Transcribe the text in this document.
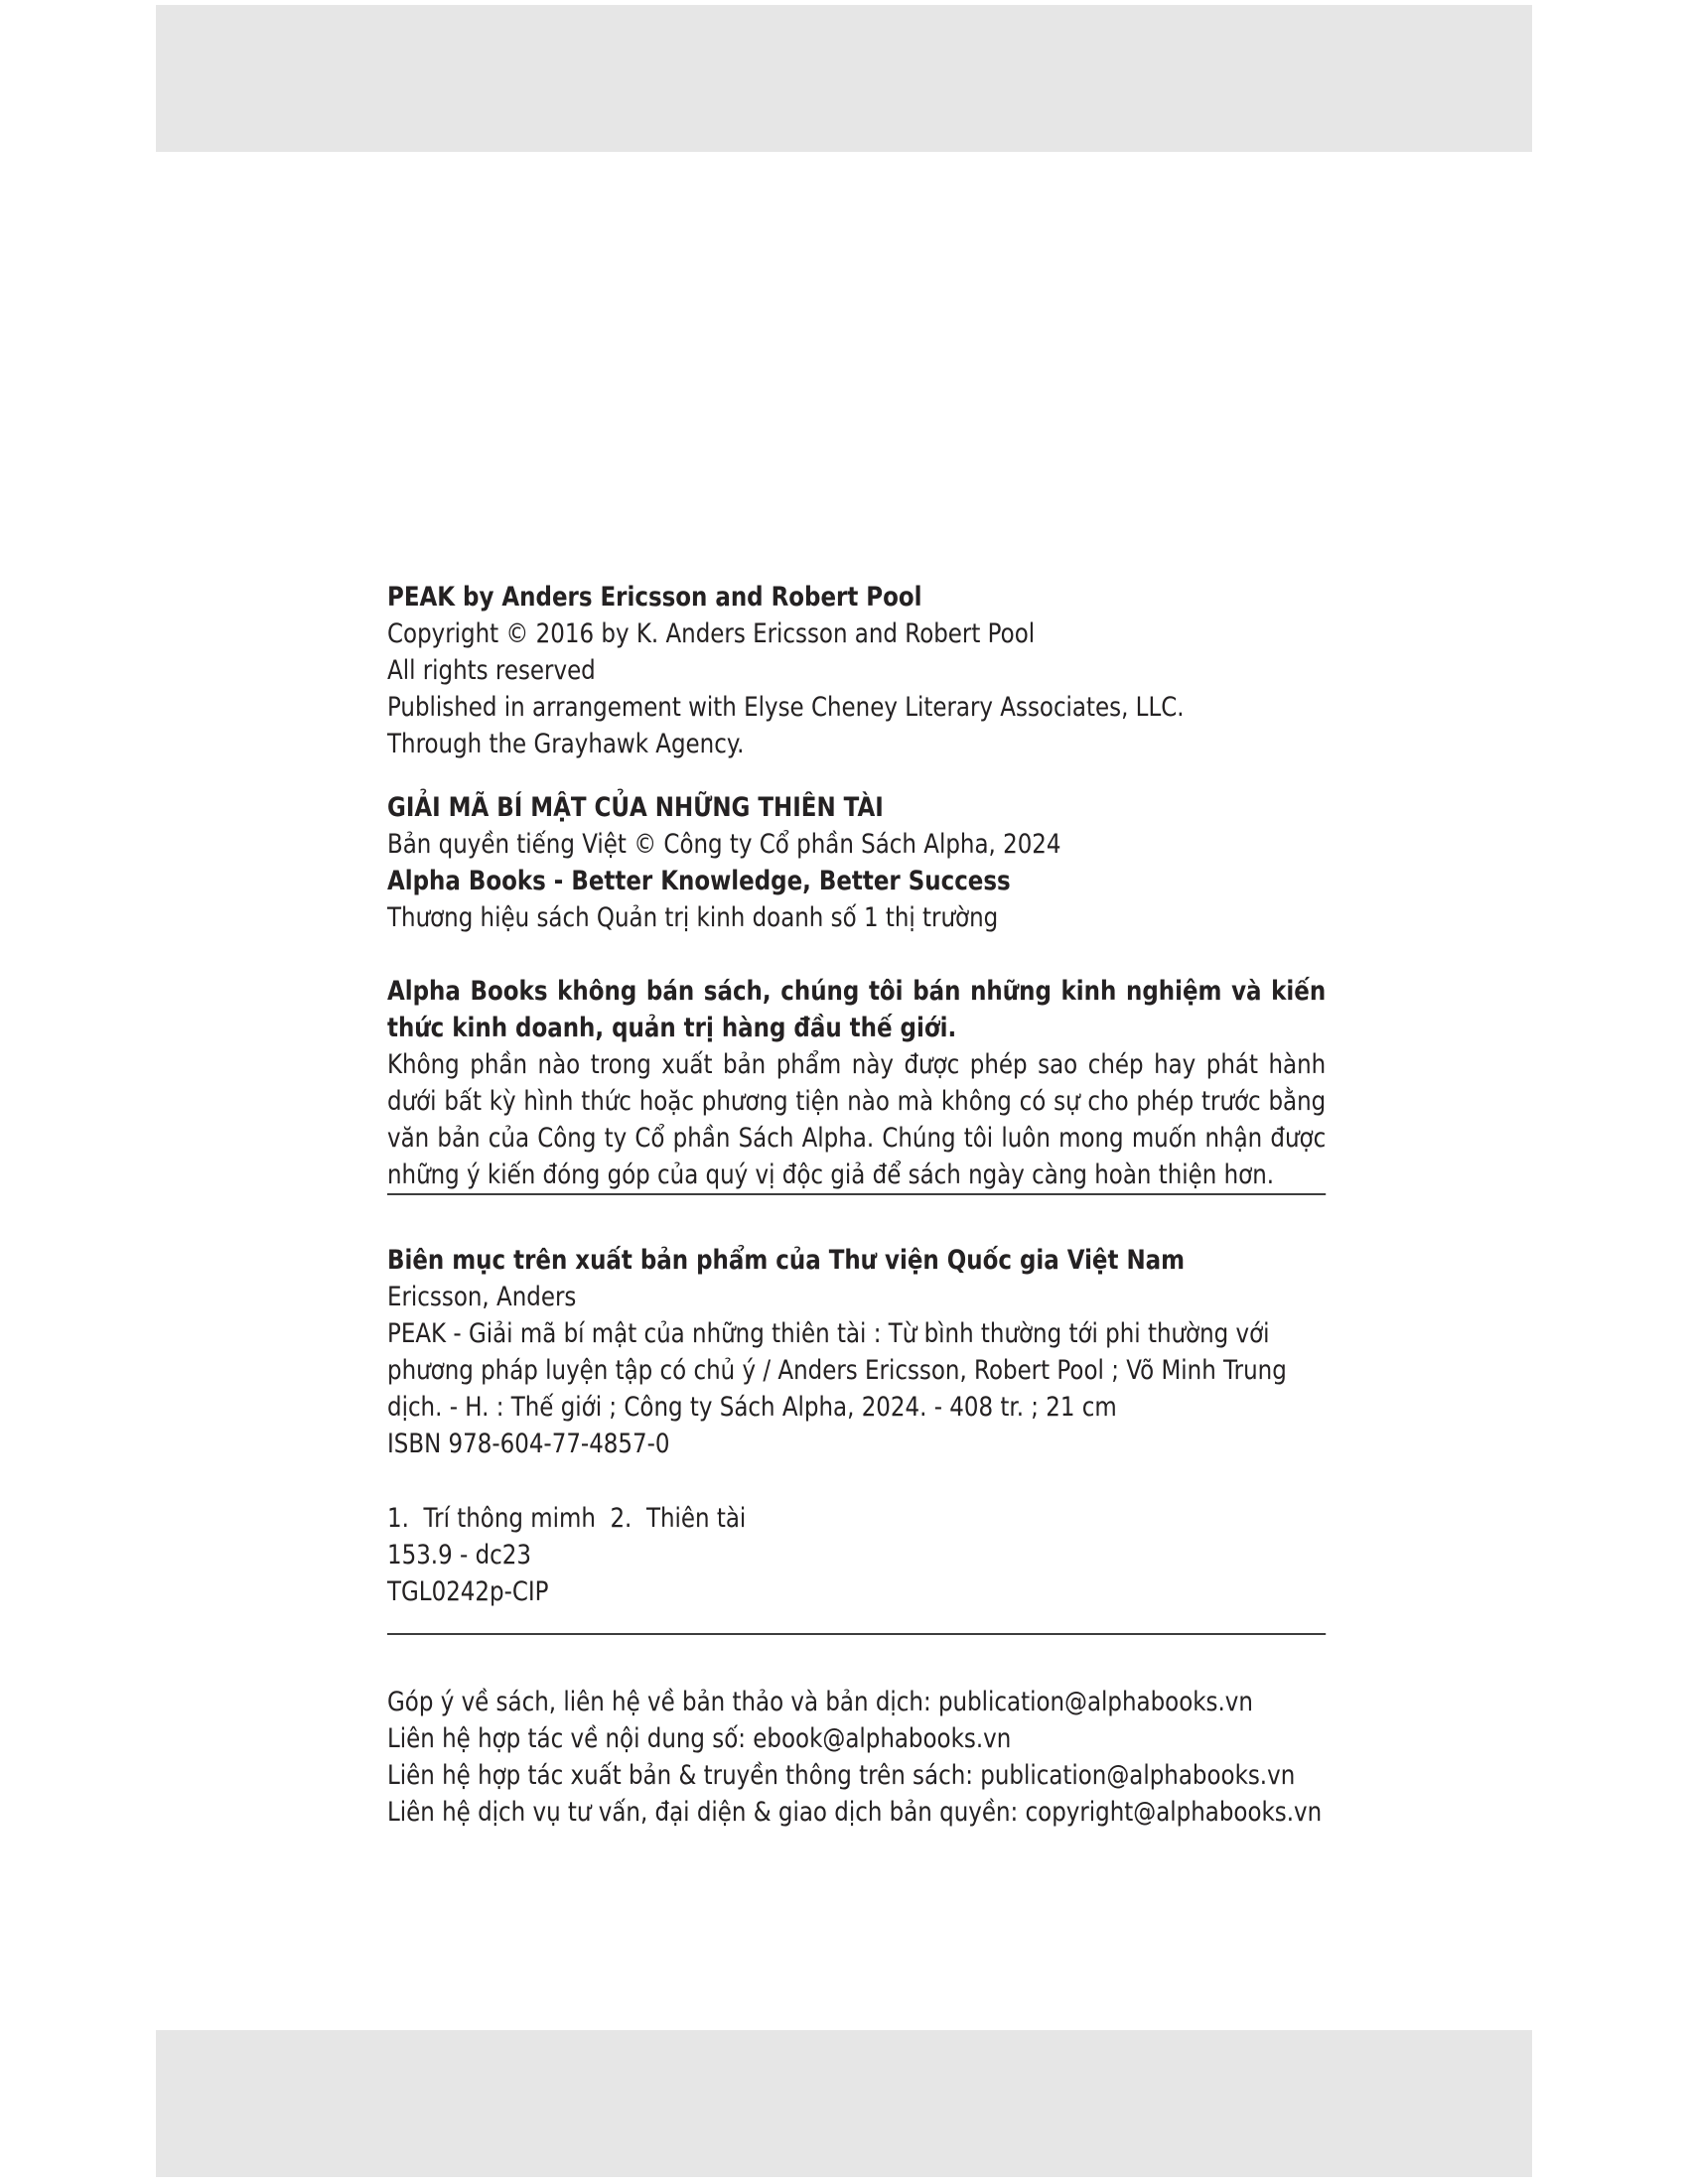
PEAK by Anders Ericsson and Robert Pool

Copyright © 2016 by K. Anders Ericsson and Robert Pool

All rights reserved

Published in arrangement with Elyse Cheney Literary Associates, LLC.

Through the Grayhawk Agency.

GIẢI MÃ BÍ MẬT CỦA NHỮNG THIÊN TÀI

Bản quyền tiếng Việt © Công ty Cổ phần Sách Alpha, 2024

Alpha Books - Better Knowledge, Better Success

Thương hiệu sách Quản trị kinh doanh số 1 thị trường

Alpha Books không bán sách, chúng tôi bán những kinh nghiệm và kiến thức kinh doanh, quản trị hàng đầu thế giới.

Không phần nào trong xuất bản phẩm này được phép sao chép hay phát hành dưới bất kỳ hình thức hoặc phương tiện nào mà không có sự cho phép trước bằng văn bản của Công ty Cổ phần Sách Alpha. Chúng tôi luôn mong muốn nhận được những ý kiến đóng góp của quý vị độc giả để sách ngày càng hoàn thiện hơn.

Biên mục trên xuất bản phẩm của Thư viện Quốc gia Việt Nam

Ericsson, Anders

PEAK - Giải mã bí mật của những thiên tài : Từ bình thường tới phi thường với phương pháp luyện tập có chủ ý / Anders Ericsson, Robert Pool ; Võ Minh Trung dịch. - H. : Thế giới ; Công ty Sách Alpha, 2024. - 408 tr. ; 21 cm

ISBN 978-604-77-4857-0

1.  Trí thông mimh  2.  Thiên tài

153.9 - dc23

TGL0242p-CIP

Góp ý về sách, liên hệ về bản thảo và bản dịch: publication@alphabooks.vn

Liên hệ hợp tác về nội dung số: ebook@alphabooks.vn

Liên hệ hợp tác xuất bản & truyền thông trên sách: publication@alphabooks.vn

Liên hệ dịch vụ tư vấn, đại diện & giao dịch bản quyền: copyright@alphabooks.vn
